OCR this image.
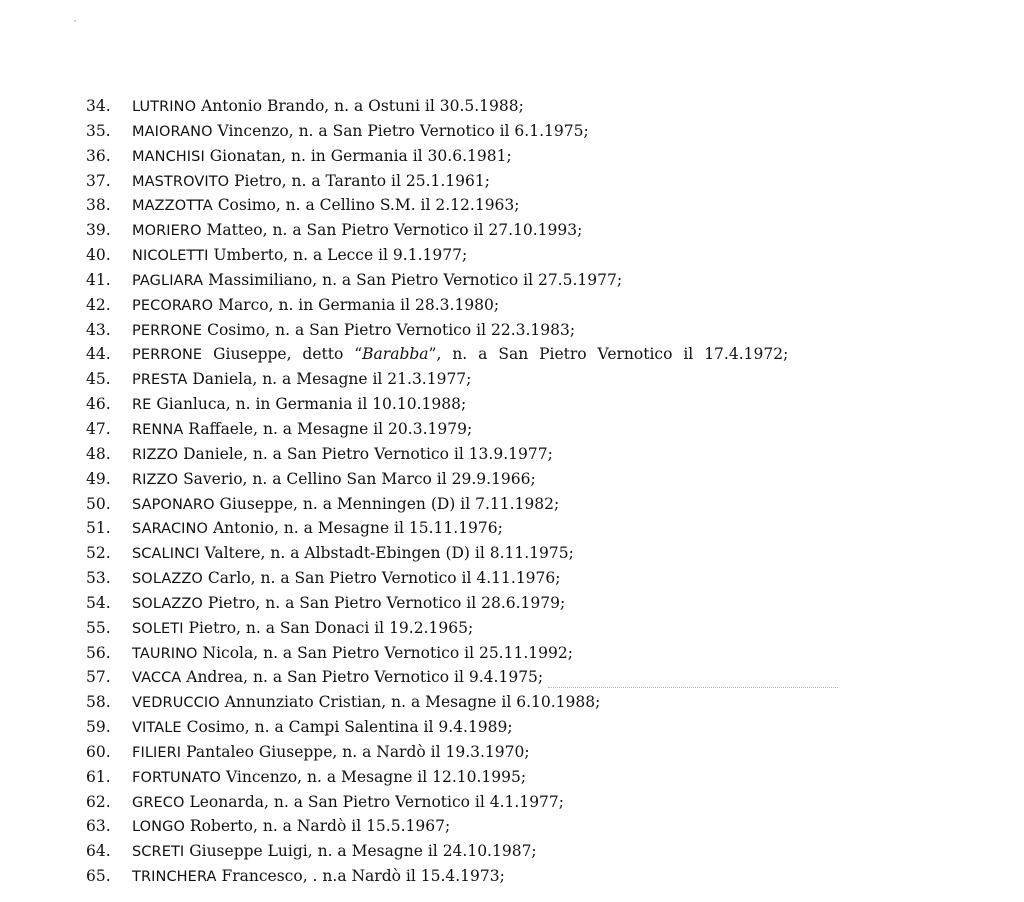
34.	LUTRINO Antonio Brando, n. a Ostuni il 30.5.1988;
35.	MAIORANO Vincenzo, n. a San Pietro Vernotico il 6.1.1975;
36.	MANCHISI Gionatan, n. in Germania il 30.6.1981;
37.	MASTROVITO Pietro, n. a Taranto il 25.1.1961;
38.	MAZZOTTA Cosimo, n. a Cellino S.M. il 2.12.1963;
39.	MORIERO Matteo, n. a San Pietro Vernotico il 27.10.1993;
40.	NICOLETTI Umberto, n. a Lecce il 9.1.1977;
41.	PAGLIARA Massimiliano, n. a San Pietro Vernotico il 27.5.1977;
42.	PECORARO Marco, n. in Germania il 28.3.1980;
43.	PERRONE Cosimo, n. a San Pietro Vernotico il 22.3.1983;
44.	PERRONE Giuseppe, detto “Barabba”, n. a San Pietro Vernotico il 17.4.1972;
45.	PRESTA Daniela, n. a Mesagne il 21.3.1977;
46.	RE Gianluca, n. in Germania il 10.10.1988;
47.	RENNA Raffaele, n. a Mesagne il 20.3.1979;
48.	RIZZO Daniele, n. a San Pietro Vernotico il 13.9.1977;
49.	RIZZO Saverio, n. a Cellino San Marco il 29.9.1966;
50.	SAPONARO Giuseppe, n. a Menningen (D) il 7.11.1982;
51.	SARACINO Antonio, n. a Mesagne il 15.11.1976;
52.	SCALINCI Valtere, n. a Albstadt-Ebingen (D) il 8.11.1975;
53.	SOLAZZO Carlo, n. a San Pietro Vernotico il 4.11.1976;
54.	SOLAZZO Pietro, n. a San Pietro Vernotico il 28.6.1979;
55.	SOLETI Pietro, n. a San Donaci il 19.2.1965;
56.	TAURINO Nicola, n. a San Pietro Vernotico il 25.11.1992;
57.	VACCA Andrea, n. a San Pietro Vernotico il 9.4.1975;
58.	VEDRUCCIO Annunziato Cristian, n. a Mesagne il 6.10.1988;
59.	VITALE Cosimo, n. a Campi Salentina il 9.4.1989;
60.	FILIERI Pantaleo Giuseppe, n. a Nardò il 19.3.1970;
61.	FORTUNATO Vincenzo, n. a Mesagne il 12.10.1995;
62.	GRECO Leonarda, n. a San Pietro Vernotico il 4.1.1977;
63.	LONGO Roberto, n. a Nardò il 15.5.1967;
64.	SCRETI Giuseppe Luigi, n. a Mesagne il 24.10.1987;
65.	TRINCHERA Francesco, . n.a Nardò il 15.4.1973;
